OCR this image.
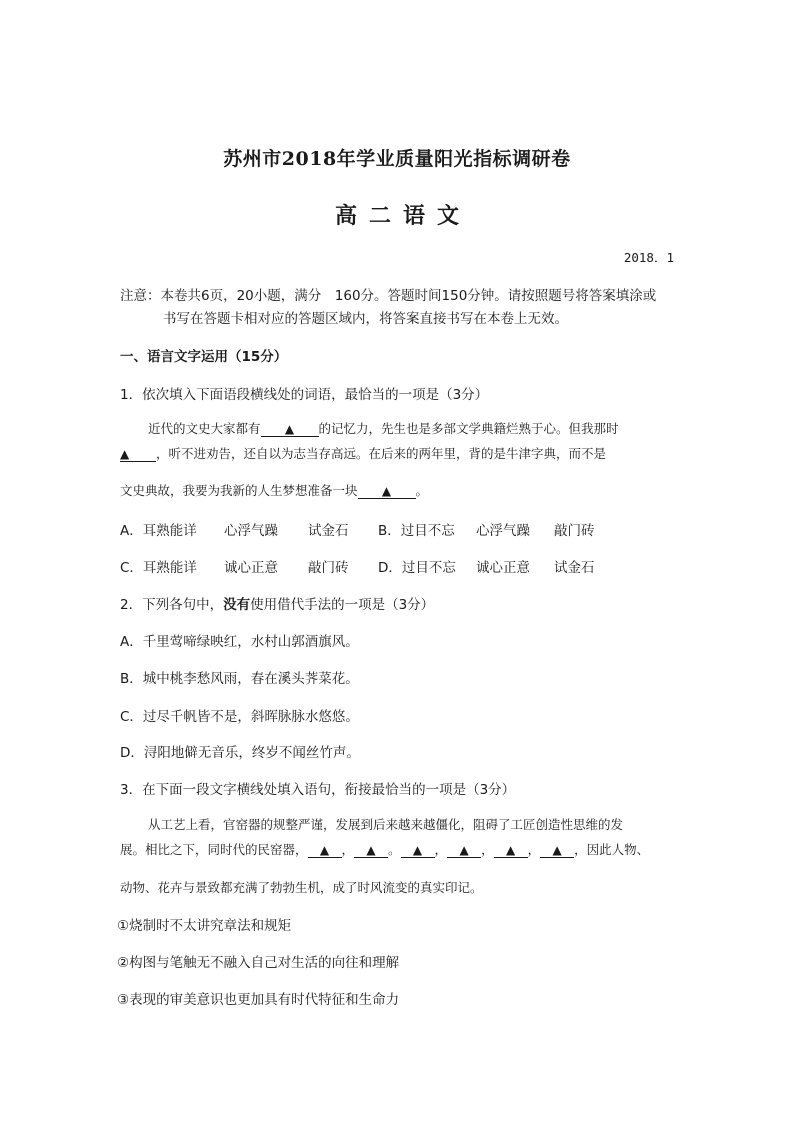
苏州市2018年学业质量阳光指标调研卷
高二语文
2018．1
注意：本卷共6页，20小题，满分　160分。答题时间150分钟。请按照题号将答案填涂或
书写在答题卡相对应的答题区域内，将答案直接书写在本卷上无效。
一、语言文字运用（15分）
1．依次填入下面语段横线处的词语，最恰当的一项是（3分）
近代的文史大家都有 ▲ 的记忆力，先生也是多部文学典籍烂熟于心。但我那时
▲ ，听不进劝告，还自以为志当存高远。在后来的两年里，背的是牛津字典，而不是
文史典故，我要为我新的人生梦想准备一块 ▲ 。
A．耳熟能详 心浮气躁 试金石 B．过目不忘 心浮气躁 敲门砖
C．耳熟能详 诚心正意 敲门砖 D．过目不忘 诚心正意 试金石
2．下列各句中，没有使用借代手法的一项是（3分）
A．千里莺啼绿映红，水村山郭酒旗风。
B．城中桃李愁风雨，春在溪头荠菜花。
C．过尽千帆皆不是，斜晖脉脉水悠悠。
D．浔阳地僻无音乐，终岁不闻丝竹声。
3．在下面一段文字横线处填入语句，衔接最恰当的一项是（3分）
从工艺上看，官窑器的规整严谨，发展到后来越来越僵化，阻碍了工匠创造性思维的发
展。相比之下，同时代的民窑器， ▲ ， ▲ 。 ▲ ， ▲ ， ▲ ， ▲ ，因此人物、
动物、花卉与景致都充满了勃勃生机，成了时风流变的真实印记。
①烧制时不太讲究章法和规矩
②构图与笔触无不融入自己对生活的向往和理解
③表现的审美意识也更加具有时代特征和生命力
